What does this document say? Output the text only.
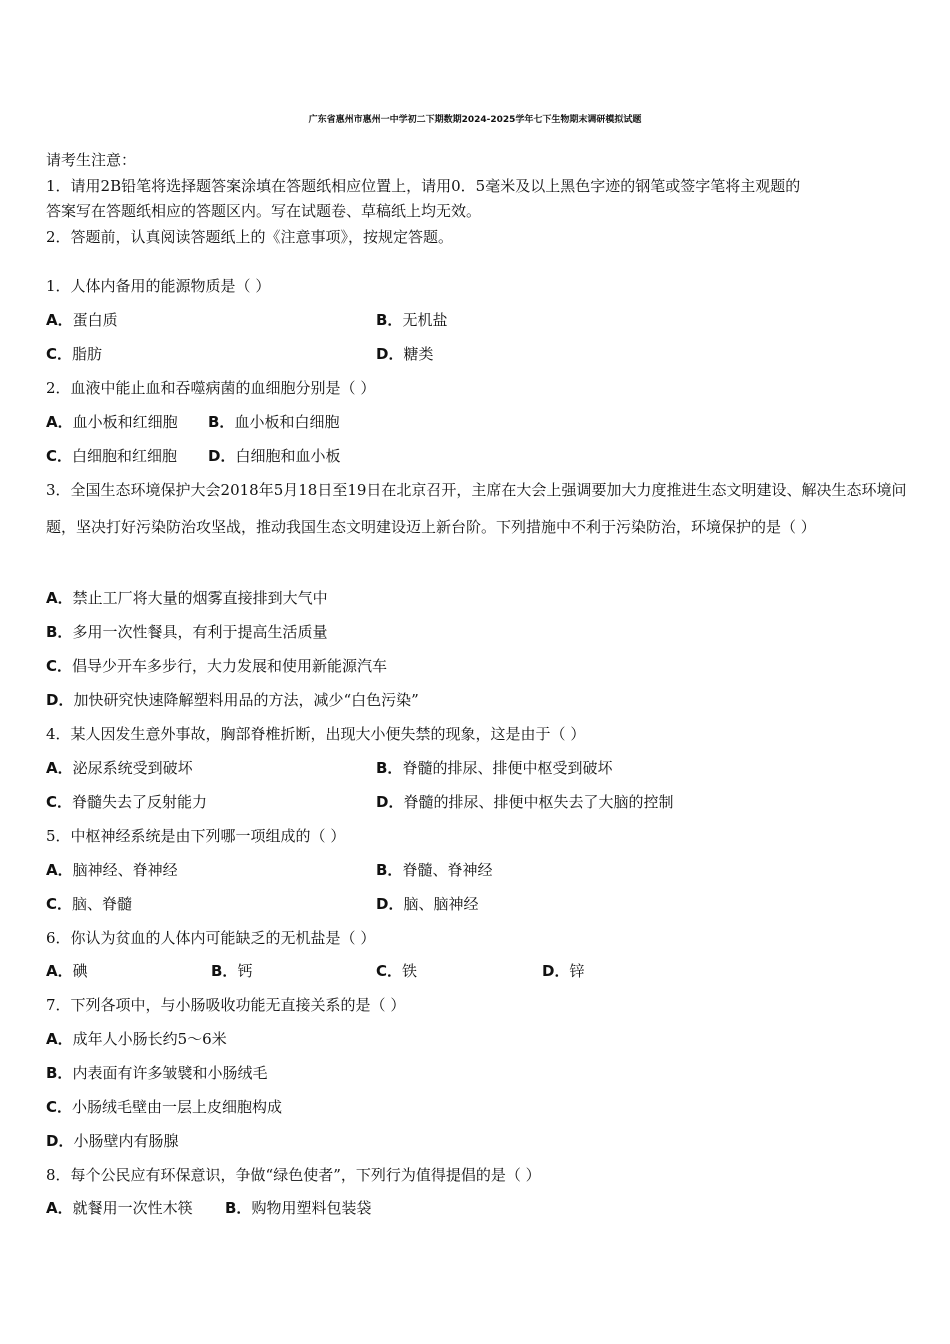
广东省惠州市惠州一中学初二下期数期2024-2025学年七下生物期末调研模拟试题
请考生注意：
1．请用2B铅笔将选择题答案涂填在答题纸相应位置上，请用0．5毫米及以上黑色字迹的钢笔或签字笔将主观题的
答案写在答题纸相应的答题区内。写在试题卷、草稿纸上均无效。
2．答题前，认真阅读答题纸上的《注意事项》，按规定答题。
1．人体内备用的能源物质是（ ）
A．蛋白质	B．无机盐
C．脂肪	D．糖类
2．血液中能止血和吞噬病菌的血细胞分别是（ ）
A．血小板和红细胞 B．血小板和白细胞
C．白细胞和红细胞 D．白细胞和血小板
3．全国生态环境保护大会2018年5月18日至19日在北京召开，主席在大会上强调要加大力度推进生态文明建设、解决生态环境问题，坚决打好污染防治攻坚战，推动我国生态文明建设迈上新台阶。下列措施中不利于污染防治，环境保护的是（ ）
A．禁止工厂将大量的烟雾直接排到大气中
B．多用一次性餐具，有利于提高生活质量
C．倡导少开车多步行，大力发展和使用新能源汽车
D．加快研究快速降解塑料用品的方法，减少“白色污染”
4．某人因发生意外事故，胸部脊椎折断，出现大小便失禁的现象，这是由于（ ）
A．泌尿系统受到破坏	B．脊髓的排尿、排便中枢受到破坏
C．脊髓失去了反射能力	D．脊髓的排尿、排便中枢失去了大脑的控制
5．中枢神经系统是由下列哪一项组成的（ ）
A．脑神经、脊神经	B．脊髓、脊神经
C．脑、脊髓	D．脑、脑神经
6．你认为贫血的人体内可能缺乏的无机盐是（ ）
A．碘	B．钙	C．铁	D．锌
7．下列各项中，与小肠吸收功能无直接关系的是（ ）
A．成年人小肠长约5～6米
B．内表面有许多皱襞和小肠绒毛
C．小肠绒毛壁由一层上皮细胞构成
D．小肠壁内有肠腺
8．每个公民应有环保意识，争做“绿色使者”，下列行为值得提倡的是（ ）
A．就餐用一次性木筷 B．购物用塑料包装袋
